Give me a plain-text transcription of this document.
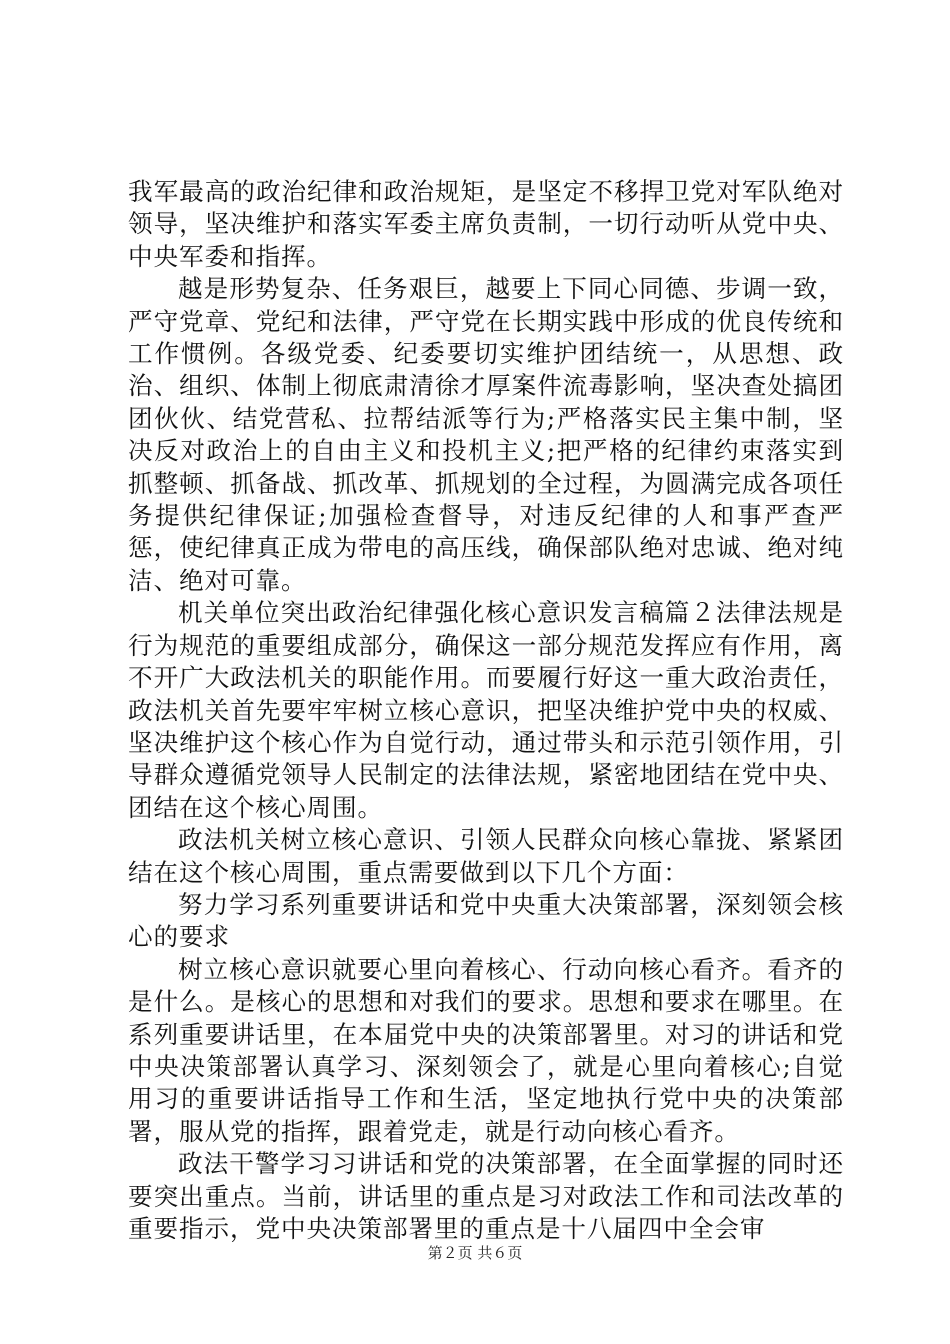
我军最高的政治纪律和政治规矩，是坚定不移捍卫党对军队绝对领导，坚决维护和落实军委主席负责制，一切行动听从党中央、中央军委和指挥。

越是形势复杂、任务艰巨，越要上下同心同德、步调一致，严守党章、党纪和法律，严守党在长期实践中形成的优良传统和工作惯例。各级党委、纪委要切实维护团结统一，从思想、政治、组织、体制上彻底肃清徐才厚案件流毒影响，坚决查处搞团团伙伙、结党营私、拉帮结派等行为;严格落实民主集中制，坚决反对政治上的自由主义和投机主义;把严格的纪律约束落实到抓整顿、抓备战、抓改革、抓规划的全过程，为圆满完成各项任务提供纪律保证;加强检查督导，对违反纪律的人和事严查严惩，使纪律真正成为带电的高压线，确保部队绝对忠诚、绝对纯洁、绝对可靠。

机关单位突出政治纪律强化核心意识发言稿篇２法律法规是行为规范的重要组成部分，确保这一部分规范发挥应有作用，离不开广大政法机关的职能作用。而要履行好这一重大政治责任，政法机关首先要牢牢树立核心意识，把坚决维护党中央的权威、坚决维护这个核心作为自觉行动，通过带头和示范引领作用，引导群众遵循党领导人民制定的法律法规，紧密地团结在党中央、团结在这个核心周围。

政法机关树立核心意识、引领人民群众向核心靠拢、紧紧团结在这个核心周围，重点需要做到以下几个方面：

努力学习系列重要讲话和党中央重大决策部署，深刻领会核心的要求

树立核心意识就要心里向着核心、行动向核心看齐。看齐的是什么。是核心的思想和对我们的要求。思想和要求在哪里。在系列重要讲话里，在本届党中央的决策部署里。对习的讲话和党中央决策部署认真学习、深刻领会了，就是心里向着核心;自觉用习的重要讲话指导工作和生活，坚定地执行党中央的决策部署，服从党的指挥，跟着党走，就是行动向核心看齐。

政法干警学习习讲话和党的决策部署，在全面掌握的同时还要突出重点。当前，讲话里的重点是习对政法工作和司法改革的重要指示，党中央决策部署里的重点是十八届四中全会审

第２页 共６页
